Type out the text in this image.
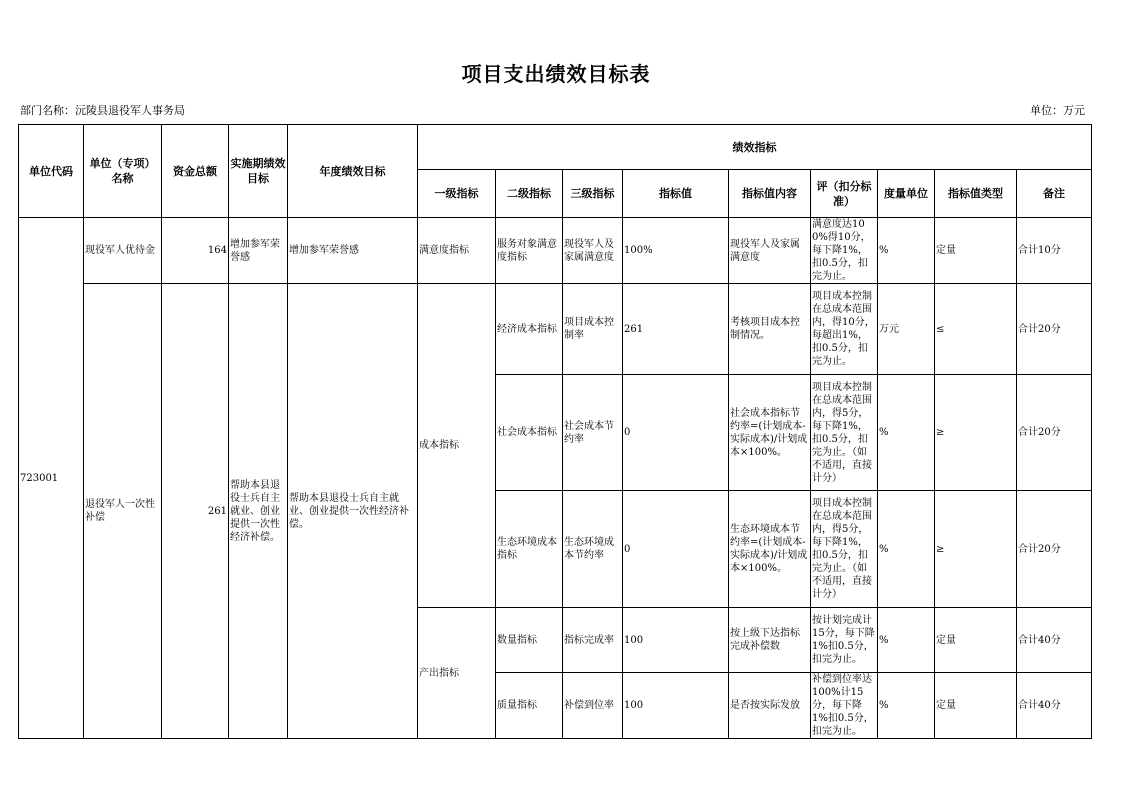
项目支出绩效目标表
部门名称：沅陵县退役军人事务局	单位：万元
单位代码	单位（专项）名称	资金总额	实施期绩效目标	年度绩效目标	绩效指标								
					一级指标	二级指标	三级指标	指标值	指标值内容	评（扣分标准）	度量单位	指标值类型	备注
723001	现役军人优待金	164	增加参军荣誉感	增加参军荣誉感	满意度指标	服务对象满意度指标	现役军人及家属满意度	100%	现役军人及家属满意度	满意度达100%得10分，每下降1%，扣0.5分，扣完为止。	%	定量	合计10分
	退役军人一次性补偿	261	帮助本县退役士兵自主就业、创业提供一次性经济补偿。	帮助本县退役士兵自主就业、创业提供一次性经济补偿。	成本指标	经济成本指标	项目成本控制率	261	考核项目成本控制情况。	项目成本控制在总成本范围内，得10分，每超出1%，扣0.5分，扣完为止。	万元	≤	合计20分
						社会成本指标	社会成本节约率	0	社会成本指标节约率=(计划成本-实际成本)/计划成本×100%。	项目成本控制在总成本范围内，得5分，每下降1%，扣0.5分，扣完为止。（如不适用，直接计分）	%	≥	合计20分
						生态环境成本指标	生态环境成本节约率	0	生态环境成本节约率=(计划成本-实际成本)/计划成本×100%。	项目成本控制在总成本范围内，得5分，每下降1%，扣0.5分，扣完为止。（如不适用，直接计分）	%	≥	合计20分
					产出指标	数量指标	指标完成率	100	按上级下达指标完成补偿数	按计划完成计15分，每下降1%扣0.5分，扣完为止。	%	定量	合计40分
						质量指标	补偿到位率	100	是否按实际发放	补偿到位率达100%计15分，每下降1%扣0.5分，扣完为止。	%	定量	合计40分
